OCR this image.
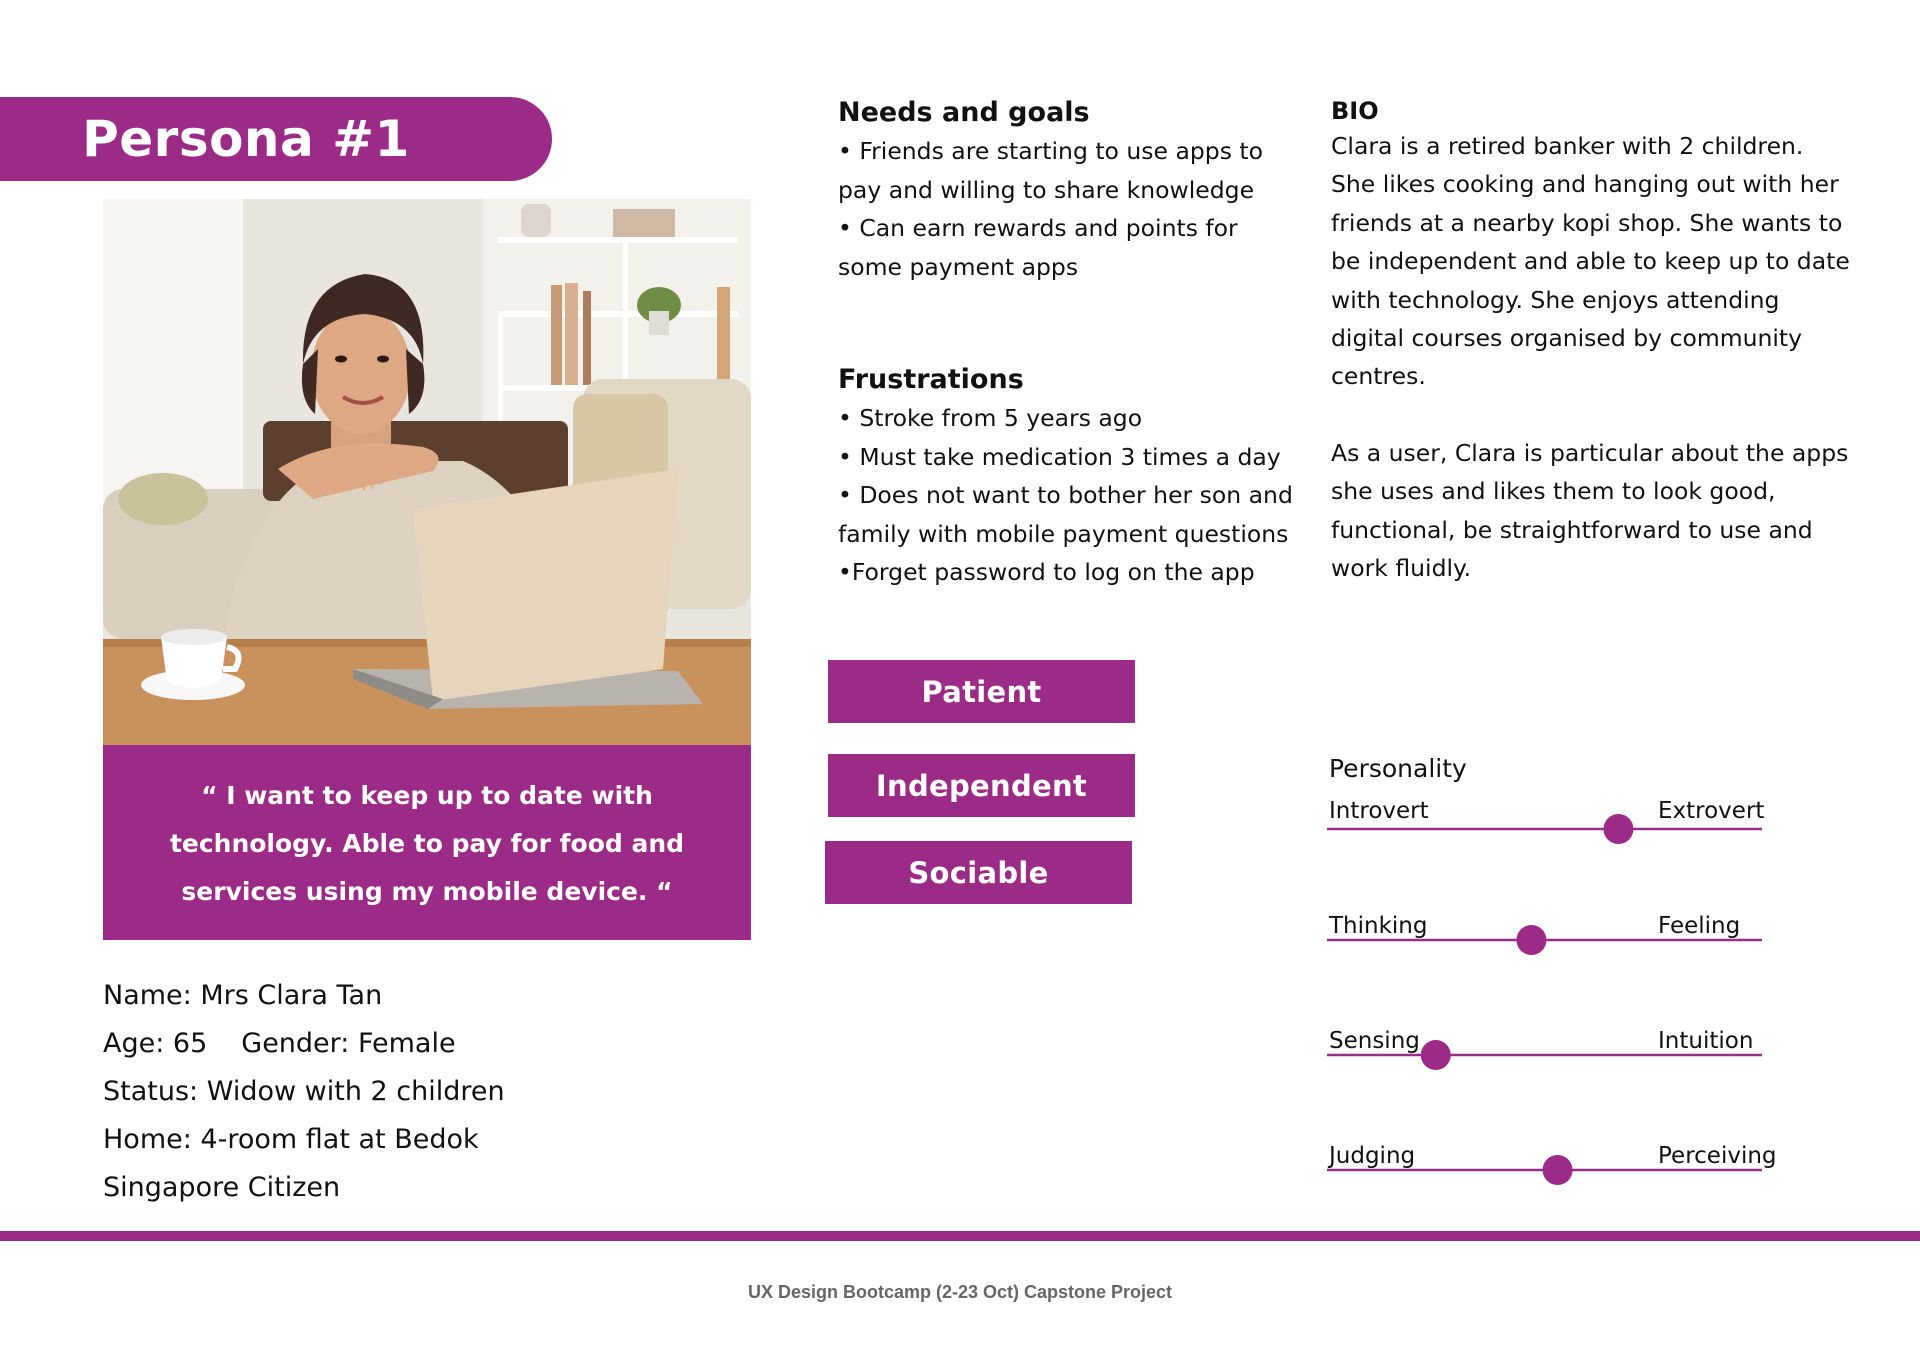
Persona #1
“ I want to keep up to date with technology. Able to pay for food and services using my mobile device. “
Name: Mrs Clara Tan
Age: 65 Gender: Female
Status: Widow with 2 children
Home: 4-room flat at Bedok
Singapore Citizen
Needs and goals
• Friends are starting to use apps to
pay and willing to share knowledge
• Can earn rewards and points for
some payment apps
Frustrations
• Stroke from 5 years ago
• Must take medication 3 times a day
• Does not want to bother her son and
family with mobile payment questions
•Forget password to log on the app
BIO

Clara is a retired banker with 2 children. She likes cooking and hanging out with her friends at a nearby kopi shop. She wants to be independent and able to keep up to date with technology. She enjoys attending digital courses organised by community centres.

As a user, Clara is particular about the apps she uses and likes them to look good, functional, be straightforward to use and work fluidly.

Patient
Independent
Sociable
Personality
Introvert	Extrovert
Thinking	Feeling
Sensing	Intuition
Judging	Perceiving
UX Design Bootcamp (2-23 Oct) Capstone Project
